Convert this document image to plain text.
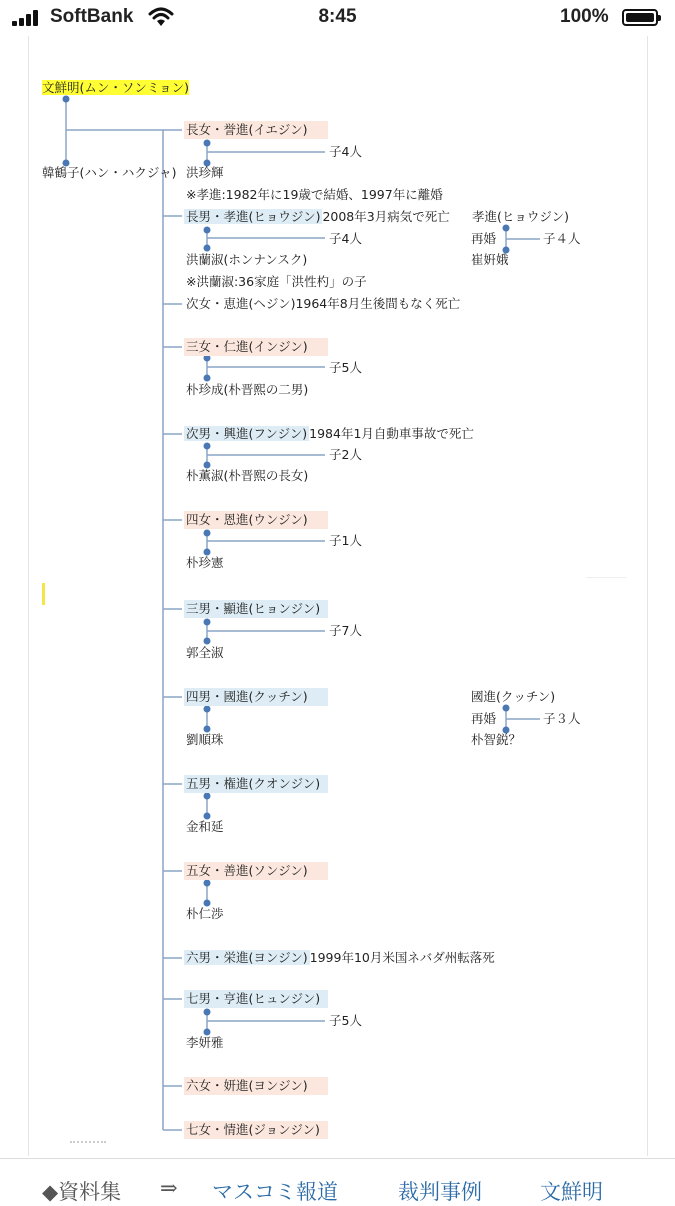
SoftBank	8:45	100%
文鮮明(ムン・ソンミョン)
韓鶴子(ハン・ハクジャ)
長女・誉進(イエジン)
子4人
洪珍輝
※孝進:1982年に19歳で結婚、1997年に離婚
長男・孝進(ヒョウジン) 2008年3月病気で死亡
子4人
洪蘭淑(ホンナンスク)
※洪蘭淑:36家庭「洪性杓」の子
孝進(ヒョウジン)
再婚	子４人
崔姸娥
次女・恵進(ヘジン)1964年8月生後間もなく死亡
三女・仁進(インジン)
子5人
朴珍成(朴晋熙の二男)
次男・興進(フンジン) 1984年1月自動車事故で死亡
子2人
朴薫淑(朴晋熙の長女)
四女・恩進(ウンジン)
子1人
朴珍憲
三男・顯進(ヒョンジン)
子7人
郭全淑
四男・國進(クッチン)
劉順珠
國進(クッチン)
再婚	子３人
朴智鋭？
五男・権進(クオンジン)
金和延
五女・善進(ソンジン)
朴仁渉
六男・栄進(ヨンジン) 1999年10月米国ネバダ州転落死
七男・亨進(ヒュンジン)
子5人
李妍雅
六女・妍進(ヨンジン)
七女・情進(ジョンジン)
◆資料集 ⇒ マスコミ報道	裁判事例	文鮮明
